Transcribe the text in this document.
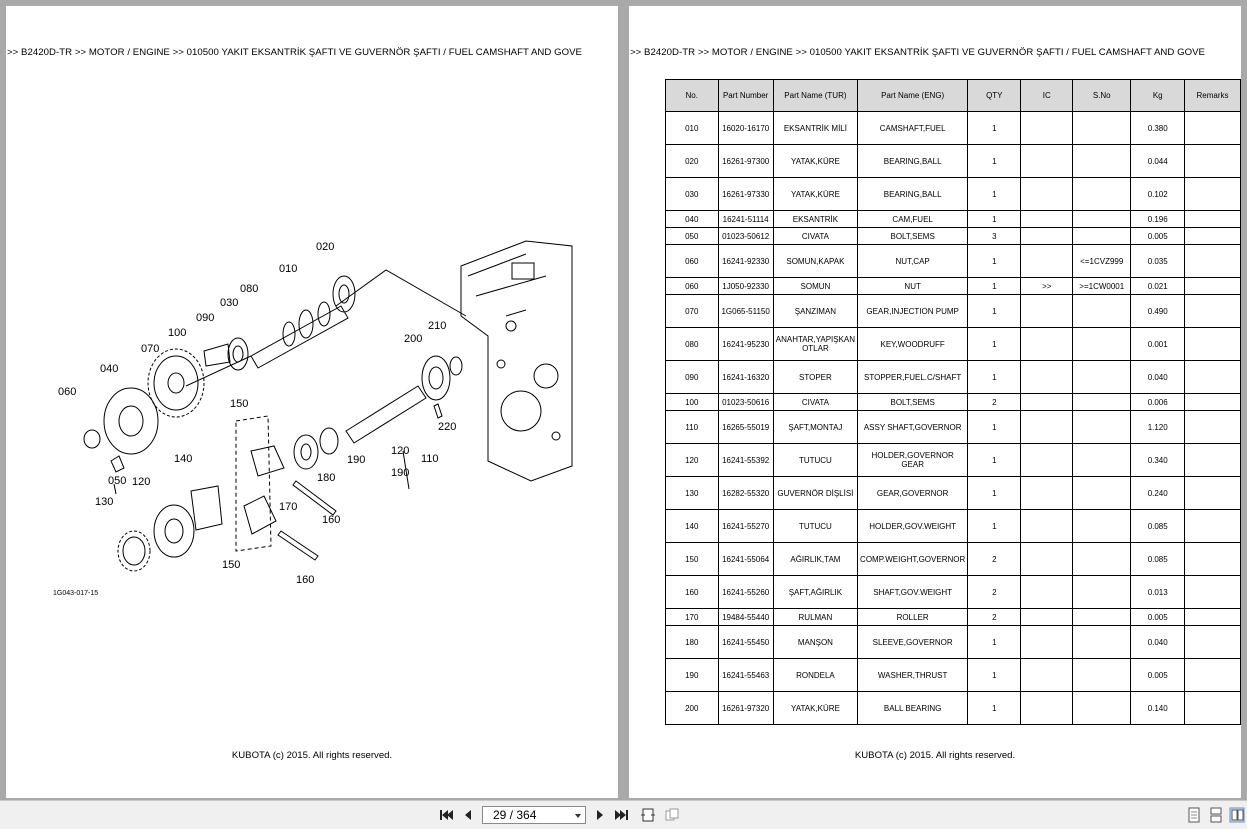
>> B2420D-TR >> MOTOR / ENGINE >> 010500 YAKIT EKSANTRİK ŞAFTI VE GUVERNÖR ŞAFTI / FUEL CAMSHAFT AND GOVE
010
020
030
040
050
060
070
080
090
100
110
120
130
140
150
150
160
160
170
180
190
200
210
220
120
190
1G043-017-15
KUBOTA (c) 2015. All rights reserved.
>> B2420D-TR >> MOTOR / ENGINE >> 010500 YAKIT EKSANTRİK ŞAFTI VE GUVERNÖR ŞAFTI / FUEL CAMSHAFT AND GOVE
No.	Part Number	Part Name (TUR)	Part Name (ENG)	QTY	IC	S.No	Kg	Remarks
010	16020-16170	EKSANTRİK MİLİ	CAMSHAFT,FUEL	1			0.380	
020	16261-97300	YATAK,KÜRE	BEARING,BALL	1			0.044	
030	16261-97330	YATAK,KÜRE	BEARING,BALL	1			0.102	
040	16241-51114	EKSANTRİK	CAM,FUEL	1			0.196	
050	01023-50612	CIVATA	BOLT,SEMS	3			0.005	
060	16241-92330	SOMUN,KAPAK	NUT,CAP	1		<=1CVZ999	0.035	
060	1J050-92330	SOMUN	NUT	1	>>	>=1CW0001	0.021	
070	1G065-51150	ŞANZIMAN	GEAR,INJECTION PUMP	1			0.490	
080	16241-95230	ANAHTAR,YAPIŞKAN OTLAR	KEY,WOODRUFF	1			0.001	
090	16241-16320	STOPER	STOPPER,FUEL.C/SHAFT	1			0.040	
100	01023-50616	CIVATA	BOLT,SEMS	2			0.006	
110	16265-55019	ŞAFT,MONTAJ	ASSY SHAFT,GOVERNOR	1			1.120	
120	16241-55392	TUTUCU	HOLDER,GOVERNOR GEAR	1			0.340	
130	16282-55320	GUVERNÖR DİŞLİSİ	GEAR,GOVERNOR	1			0.240	
140	16241-55270	TUTUCU	HOLDER,GOV.WEIGHT	1			0.085	
150	16241-55064	AĞIRLIK,TAM	COMP.WEIGHT,GOVERNOR	2			0.085	
160	16241-55260	ŞAFT,AĞIRLIK	SHAFT,GOV.WEIGHT	2			0.013	
170	19484-55440	RULMAN	ROLLER	2			0.005	
180	16241-55450	MANŞON	SLEEVE,GOVERNOR	1			0.040	
190	16241-55463	RONDELA	WASHER,THRUST	1			0.005	
200	16261-97320	YATAK,KÜRE	BALL BEARING	1			0.140	
KUBOTA (c) 2015. All rights reserved.
29 / 364
